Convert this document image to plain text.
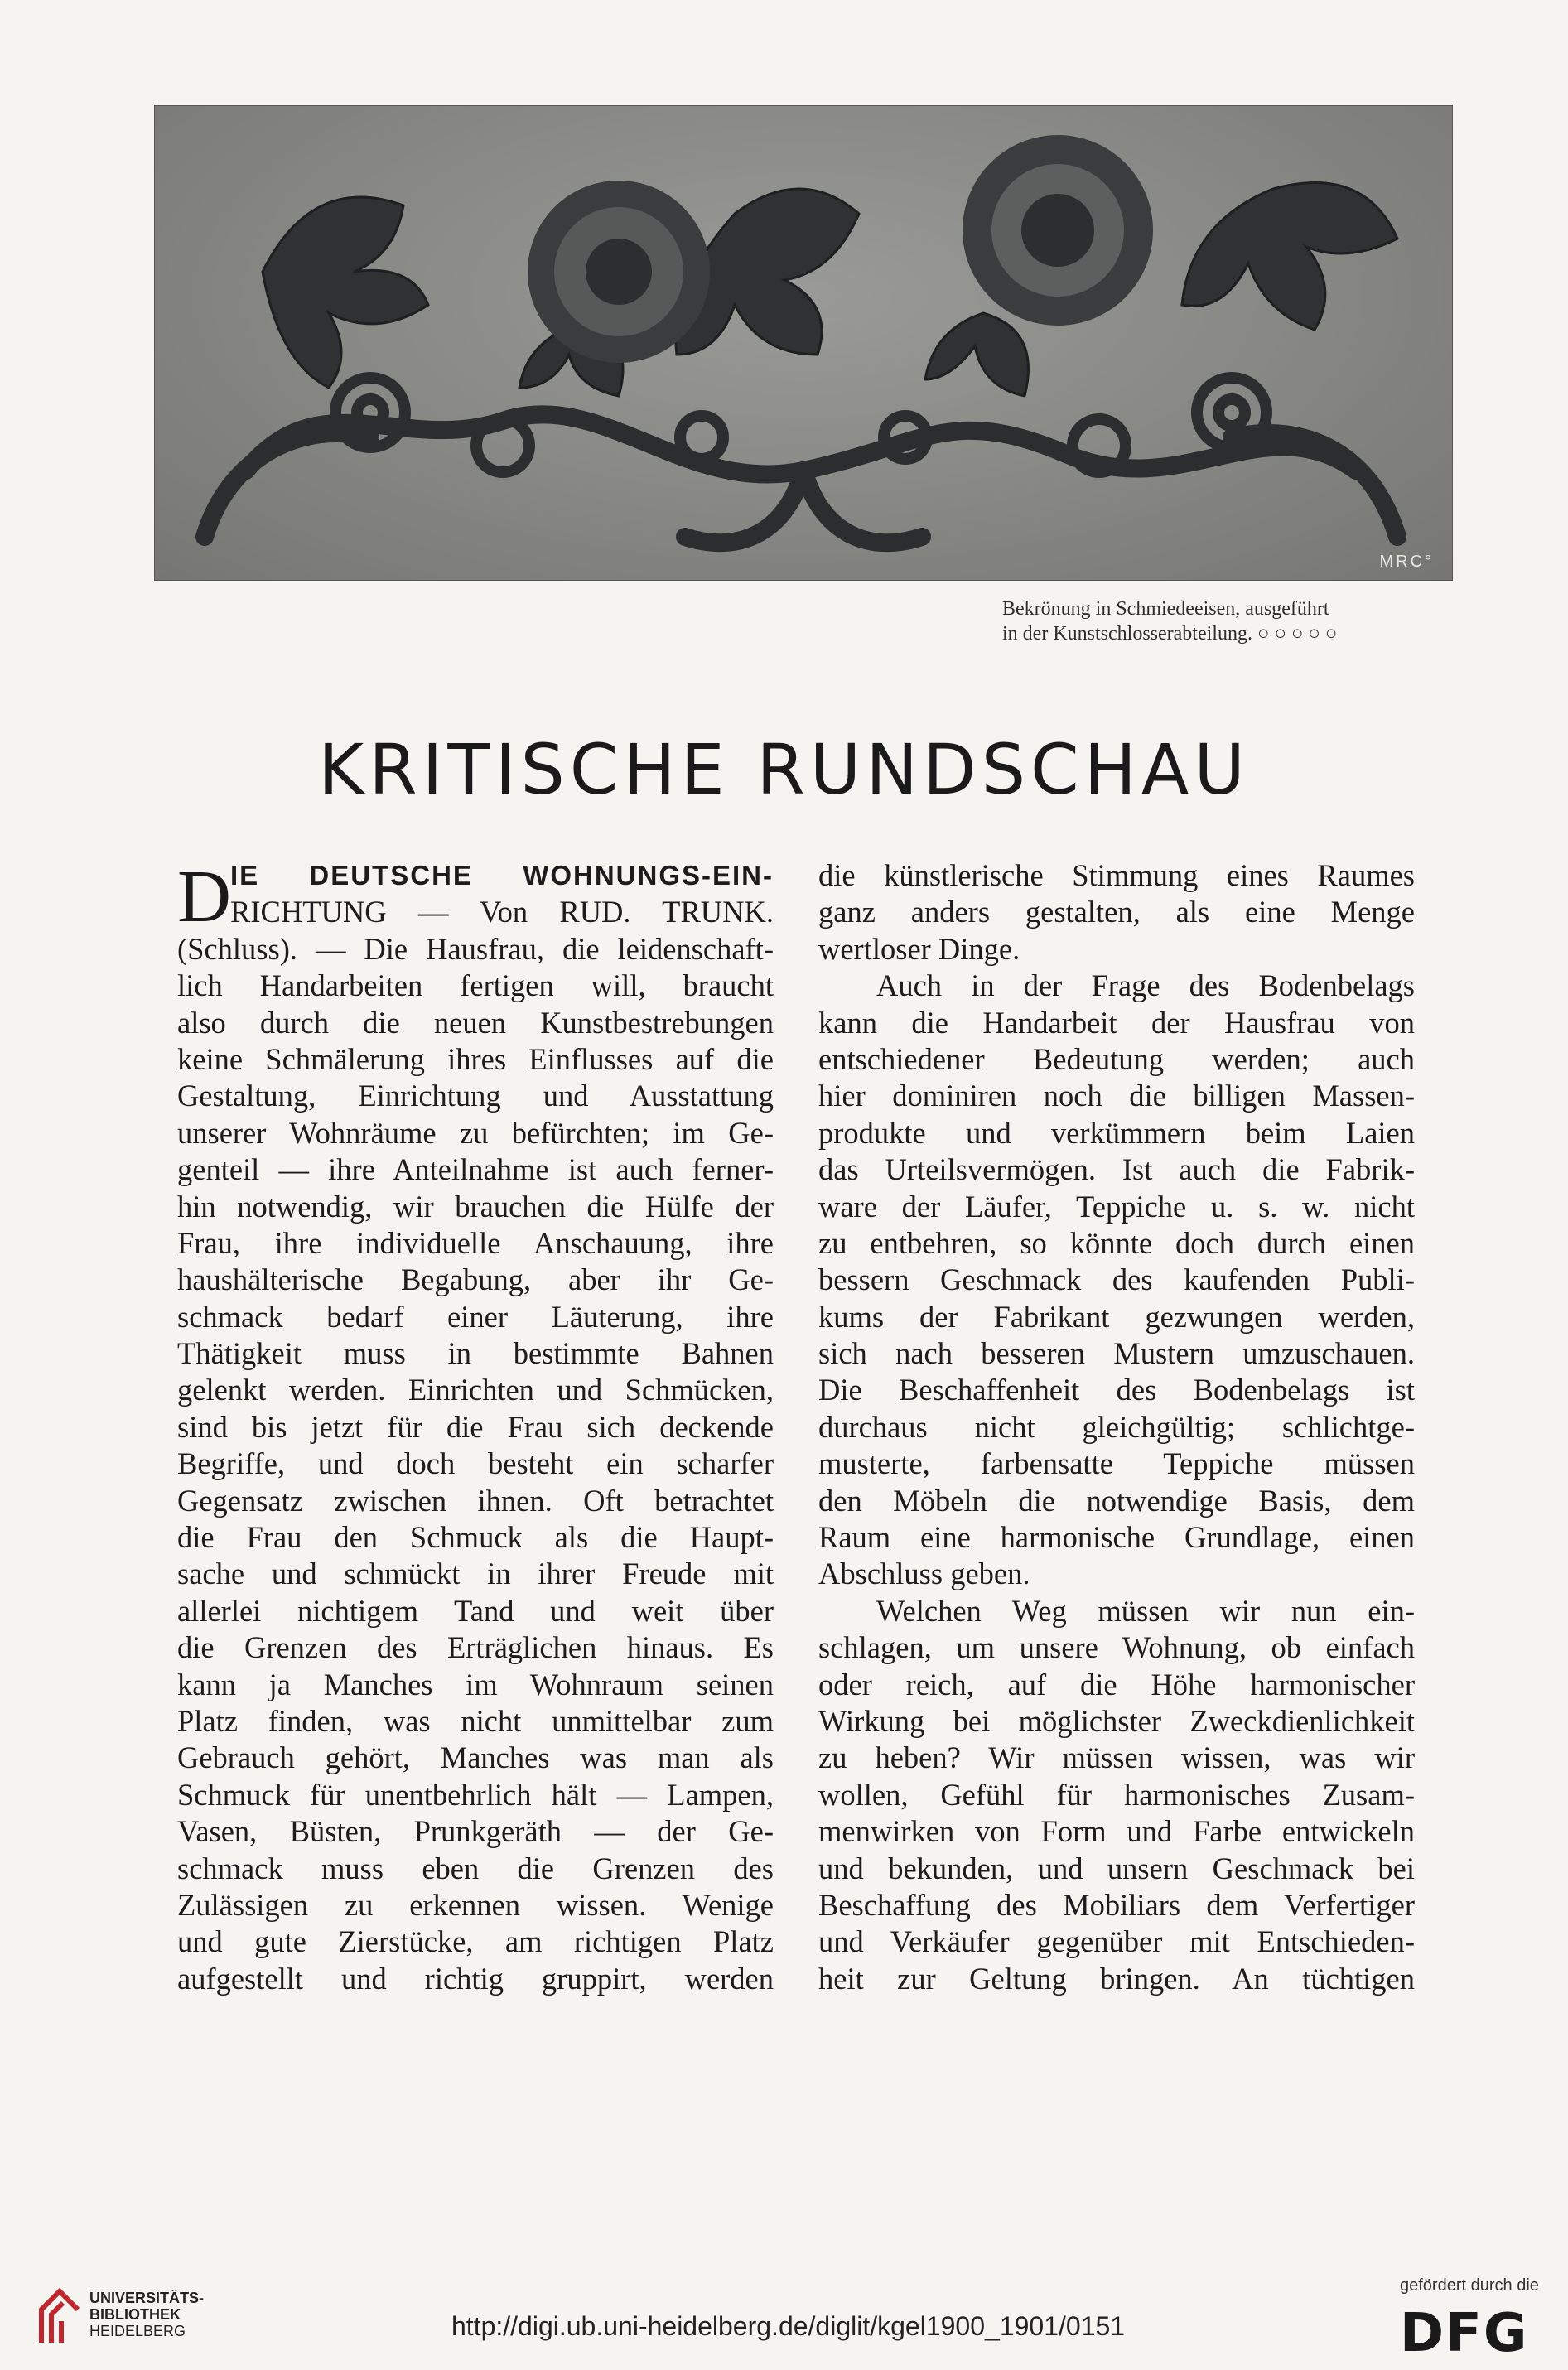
MRC°
Bekrönung in Schmiedeeisen, ausgeführt
in der Kunstschlosserabteilung. ○ ○ ○ ○ ○
KRITISCHE RUNDSCHAU
D IE DEUTSCHE WOHNUNGS-EIN-
RICHTUNG — Von RUD. TRUNK.
(Schluss). — Die Hausfrau, die leidenschaft-
lich Handarbeiten fertigen will, braucht
also durch die neuen Kunstbestrebungen
keine Schmälerung ihres Einflusses auf die
Gestaltung, Einrichtung und Ausstattung
unserer Wohnräume zu befürchten; im Ge-
genteil — ihre Anteilnahme ist auch ferner-
hin notwendig, wir brauchen die Hülfe der
Frau, ihre individuelle Anschauung, ihre
haushälterische Begabung, aber ihr Ge-
schmack bedarf einer Läuterung, ihre
Thätigkeit muss in bestimmte Bahnen
gelenkt werden. Einrichten und Schmücken,
sind bis jetzt für die Frau sich deckende
Begriffe, und doch besteht ein scharfer
Gegensatz zwischen ihnen. Oft betrachtet
die Frau den Schmuck als die Haupt-
sache und schmückt in ihrer Freude mit
allerlei nichtigem Tand und weit über
die Grenzen des Erträglichen hinaus. Es
kann ja Manches im Wohnraum seinen
Platz finden, was nicht unmittelbar zum
Gebrauch gehört, Manches was man als
Schmuck für unentbehrlich hält — Lampen,
Vasen, Büsten, Prunkgeräth — der Ge-
schmack muss eben die Grenzen des
Zulässigen zu erkennen wissen. Wenige
und gute Zierstücke, am richtigen Platz
aufgestellt und richtig gruppirt, werden
die künstlerische Stimmung eines Raumes
ganz anders gestalten, als eine Menge
wertloser Dinge.
Auch in der Frage des Bodenbelags
kann die Handarbeit der Hausfrau von
entschiedener Bedeutung werden; auch
hier dominiren noch die billigen Massen-
produkte und verkümmern beim Laien
das Urteilsvermögen. Ist auch die Fabrik-
ware der Läufer, Teppiche u. s. w. nicht
zu entbehren, so könnte doch durch einen
bessern Geschmack des kaufenden Publi-
kums der Fabrikant gezwungen werden,
sich nach besseren Mustern umzuschauen.
Die Beschaffenheit des Bodenbelags ist
durchaus nicht gleichgültig; schlichtge-
musterte, farbensatte Teppiche müssen
den Möbeln die notwendige Basis, dem
Raum eine harmonische Grundlage, einen
Abschluss geben.
Welchen Weg müssen wir nun ein-
schlagen, um unsere Wohnung, ob einfach
oder reich, auf die Höhe harmonischer
Wirkung bei möglichster Zweckdienlichkeit
zu heben? Wir müssen wissen, was wir
wollen, Gefühl für harmonisches Zusam-
menwirken von Form und Farbe entwickeln
und bekunden, und unsern Geschmack bei
Beschaffung des Mobiliars dem Verfertiger
und Verkäufer gegenüber mit Entschieden-
heit zur Geltung bringen. An tüchtigen
UNIVERSITÄTS-
BIBLIOTHEK
HEIDELBERG	http://digi.ub.uni-heidelberg.de/diglit/kgel1900_1901/0151
gefördert durch die
DFG
